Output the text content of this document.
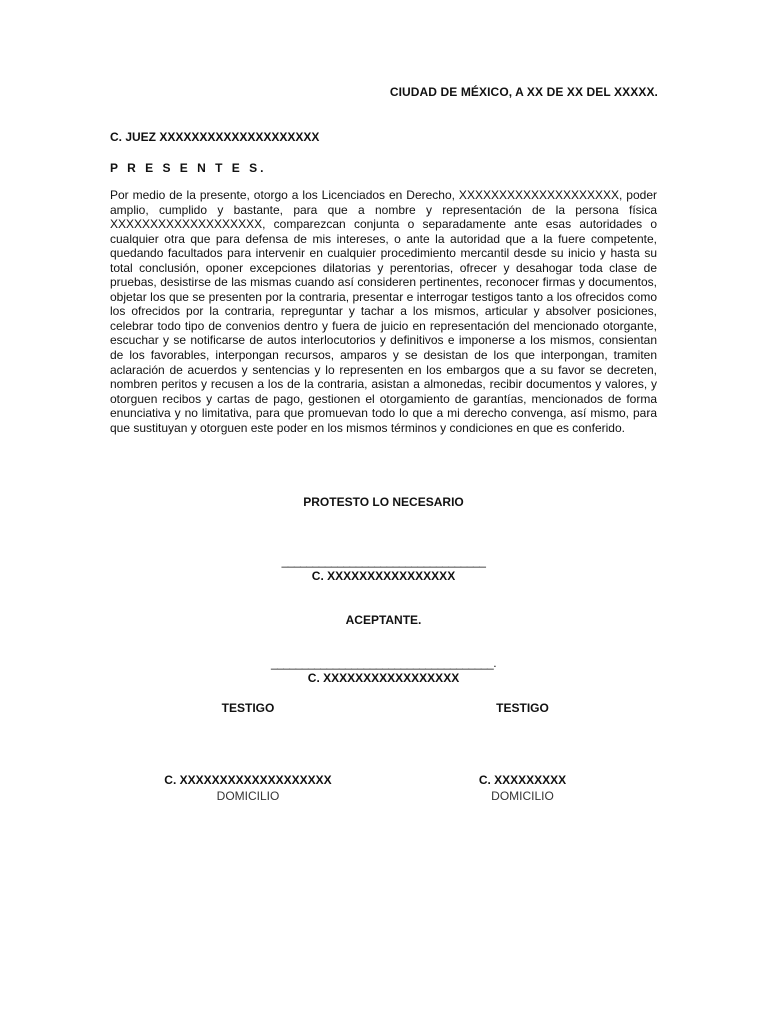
CIUDAD DE MÉXICO, A XX DE XX DEL XXXXX.
C. JUEZ XXXXXXXXXXXXXXXXXXXX
P R E S E N T E S.

Por medio de la presente, otorgo a los Licenciados en Derecho, XXXXXXXXXXXXXXXXXXXX, poder amplio, cumplido y bastante, para que a nombre y representación de la persona física XXXXXXXXXXXXXXXXXXX, comparezcan conjunta o separadamente ante esas autoridades o cualquier otra que para defensa de mis intereses, o ante la autoridad que a la fuere competente, quedando facultados para intervenir en cualquier procedimiento mercantil desde su inicio y hasta su total conclusión, oponer excepciones dilatorias y perentorias, ofrecer y desahogar toda clase de pruebas, desistirse de las mismas cuando así consideren pertinentes, reconocer firmas y documentos, objetar los que se presenten por la contraria, presentar e interrogar testigos tanto a los ofrecidos como los ofrecidos por la contraria, repreguntar y tachar a los mismos, articular y absolver posiciones, celebrar todo tipo de convenios dentro y fuera de juicio en representación del mencionado otorgante, escuchar y se notificarse de autos interlocutorios y definitivos e imponerse a los mismos, consientan de los favorables, interpongan recursos, amparos y se desistan de los que interpongan, tramiten aclaración de acuerdos y sentencias y lo representen en los embargos que a su favor se decreten, nombren peritos y recusen a los de la contraria, asistan a almonedas, recibir documentos y valores, y otorguen recibos y cartas de pago, gestionen el otorgamiento de garantías, mencionados de forma enunciativa y no limitativa, para que promuevan todo lo que a mi derecho convenga, así mismo, para que sustituyan y otorguen este poder en los mismos términos y condiciones en que es conferido.

PROTESTO LO NECESARIO
_________________________________
C. XXXXXXXXXXXXXXXX
ACEPTANTE.
____________________________________.
C. XXXXXXXXXXXXXXXXX
TESTIGO	TESTIGO
C. XXXXXXXXXXXXXXXXXXX	C. XXXXXXXXX
DOMICILIO	DOMICILIO
